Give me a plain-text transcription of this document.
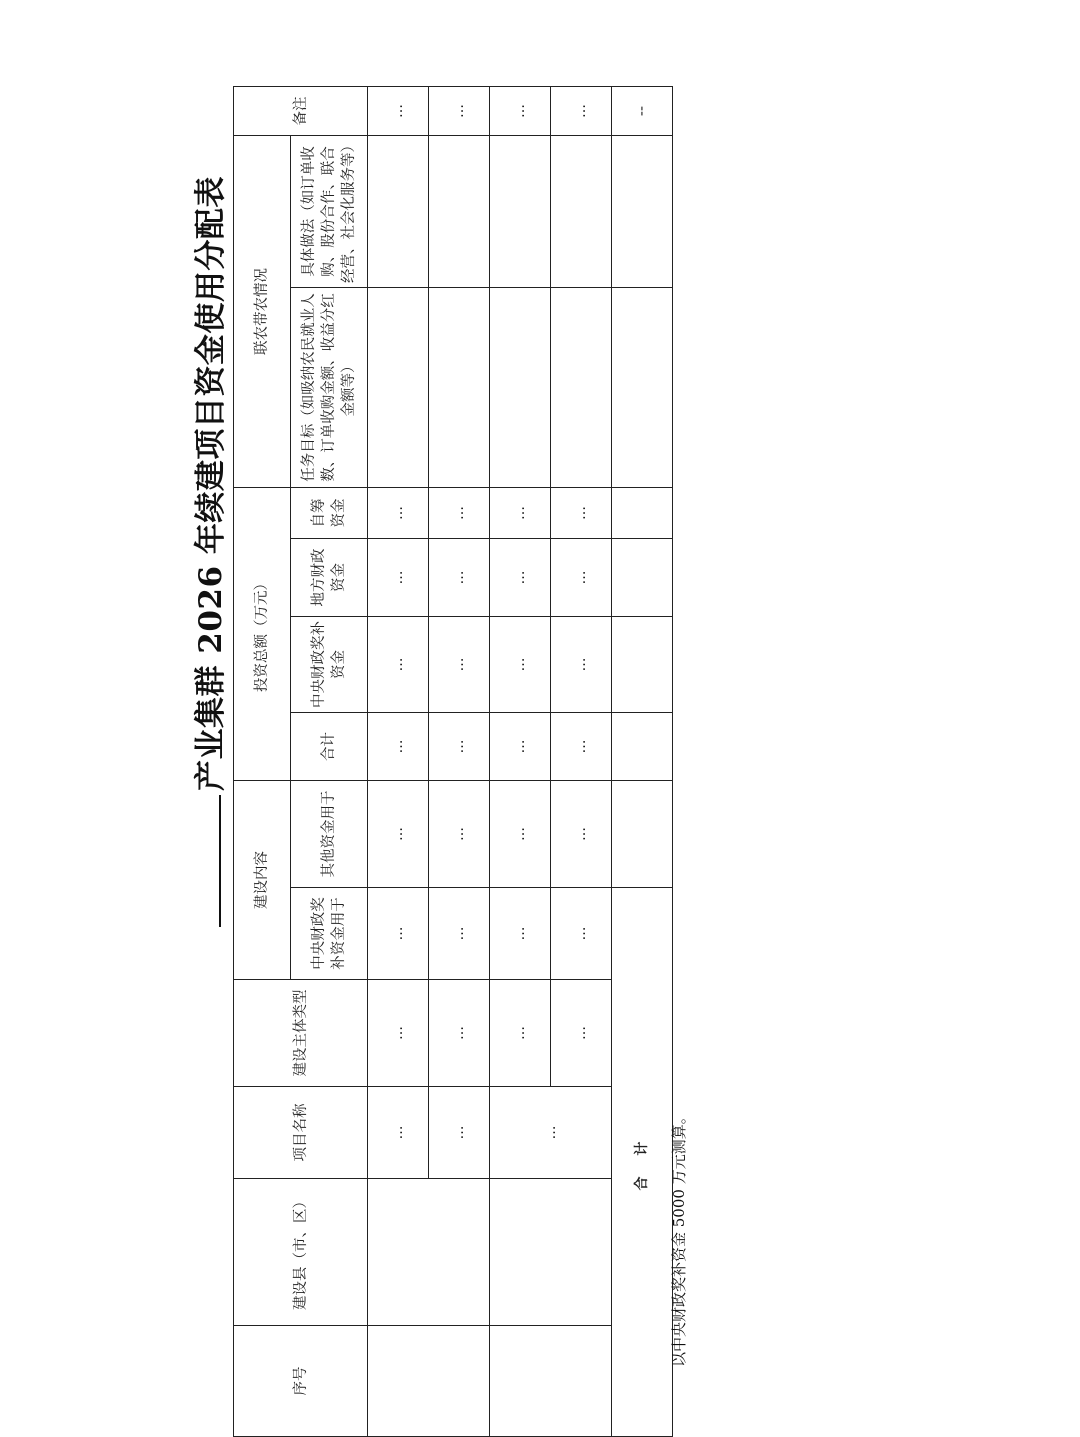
产业集群 2026 年续建项目资金使用分配表
序号	建设县（市、区）	项目名称	建设主体类型	建设内容		投资总额（万元）				联农带农情况		备注
				中央财政奖补资金用于	其他资金用于	合计	中央财政奖补资金	地方财政资金	自筹资金	任务目标（如吸纳农民就业人数、订单收购金额、收益分红金额等）	具体做法（如订单收购、股份合作、联合经营、社会化服务等）	
		…	…	…	…	…	…	…	…			…
		…	…	…	…	…	…	…	…			…
		…	…	…	…	…	…	…	…			…
			…	…	…	…	…	…	…			…
合 计												--
以中央财政奖补资金 5000 万元测算。
